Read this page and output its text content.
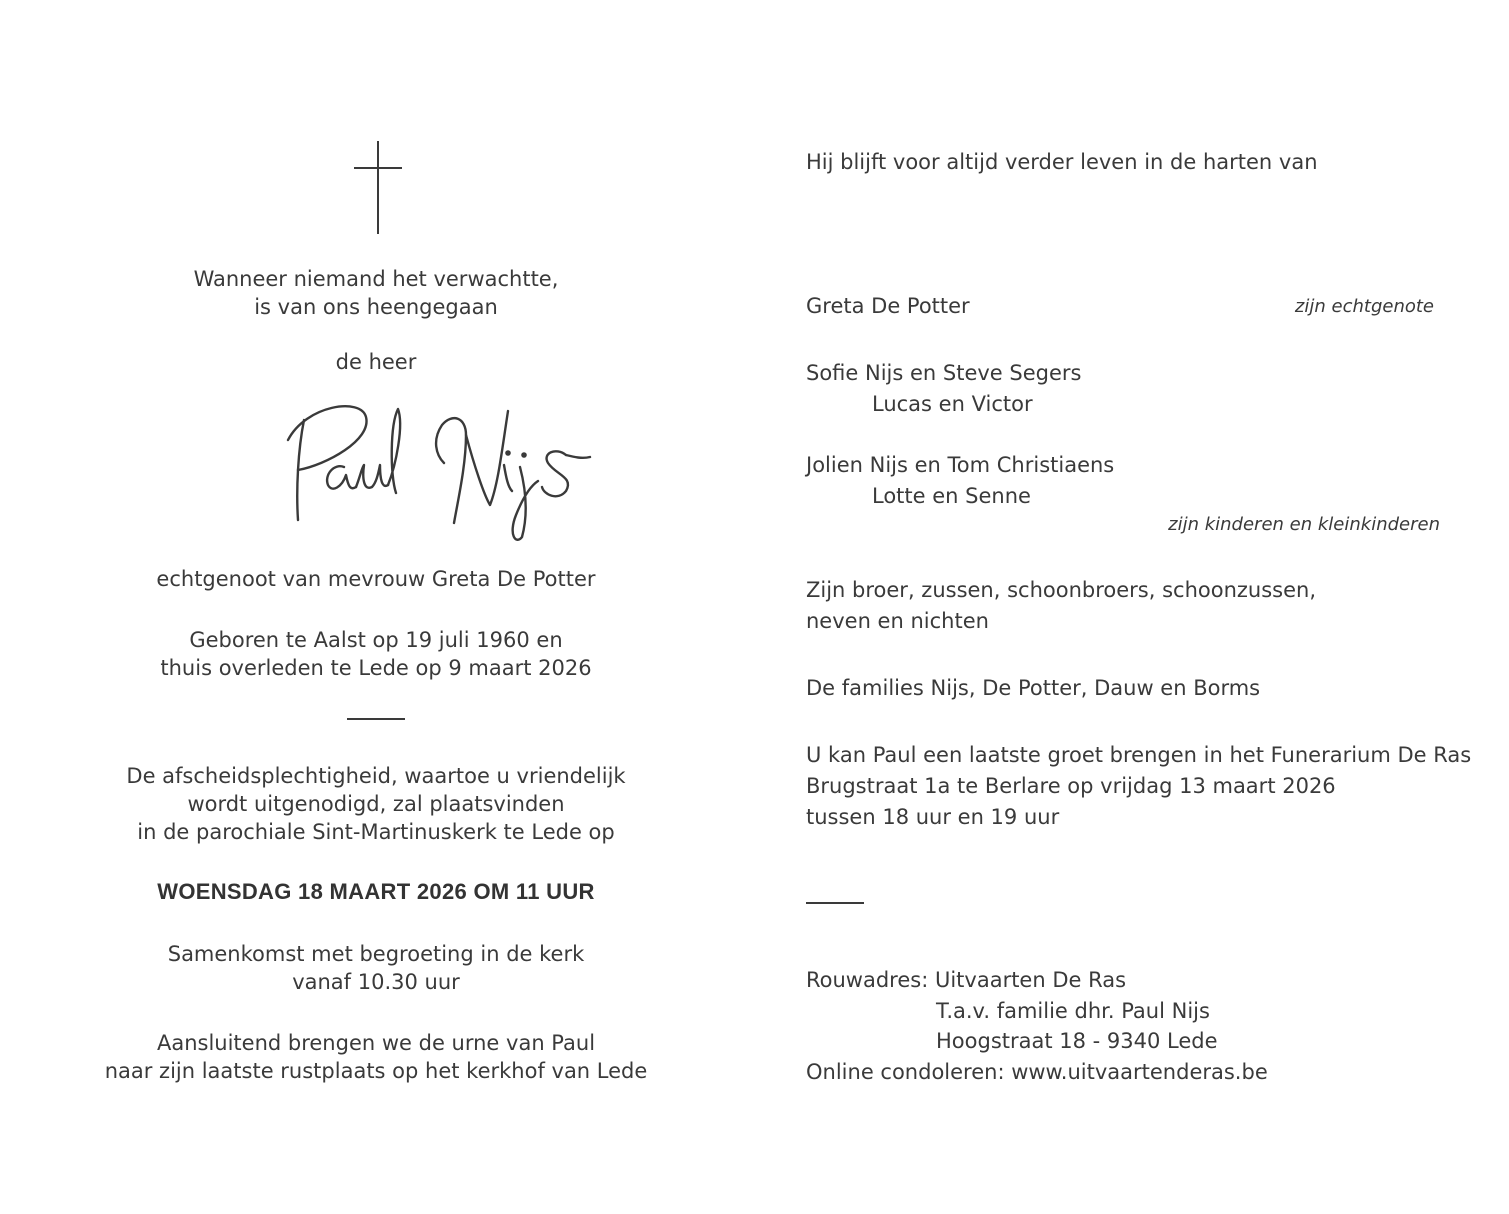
Wanneer niemand het verwachtte,
is van ons heengegaan
de heer
echtgenoot van mevrouw Greta De Potter
Geboren te Aalst op 19 juli 1960 en
thuis overleden te Lede op 9 maart 2026
De afscheidsplechtigheid, waartoe u vriendelijk
wordt uitgenodigd, zal plaatsvinden
in de parochiale Sint-Martinuskerk te Lede op
WOENSDAG 18 MAART 2026 OM 11 UUR
Samenkomst met begroeting in de kerk
vanaf 10.30 uur
Aansluitend brengen we de urne van Paul
naar zijn laatste rustplaats op het kerkhof van Lede
Hij blijft voor altijd verder leven in de harten van
Greta De Potter	zijn echtgenote
Sofie Nijs en Steve Segers
Lucas en Victor
Jolien Nijs en Tom Christiaens
Lotte en Senne
zijn kinderen en kleinkinderen
Zijn broer, zussen, schoonbroers, schoonzussen,
neven en nichten
De families Nijs, De Potter, Dauw en Borms
U kan Paul een laatste groet brengen in het Funerarium De Ras
Brugstraat 1a te Berlare op vrijdag 13 maart 2026
tussen 18 uur en 19 uur
Rouwadres: Uitvaarten De Ras
T.a.v. familie dhr. Paul Nijs
Hoogstraat 18 - 9340 Lede
Online condoleren: www.uitvaartenderas.be
